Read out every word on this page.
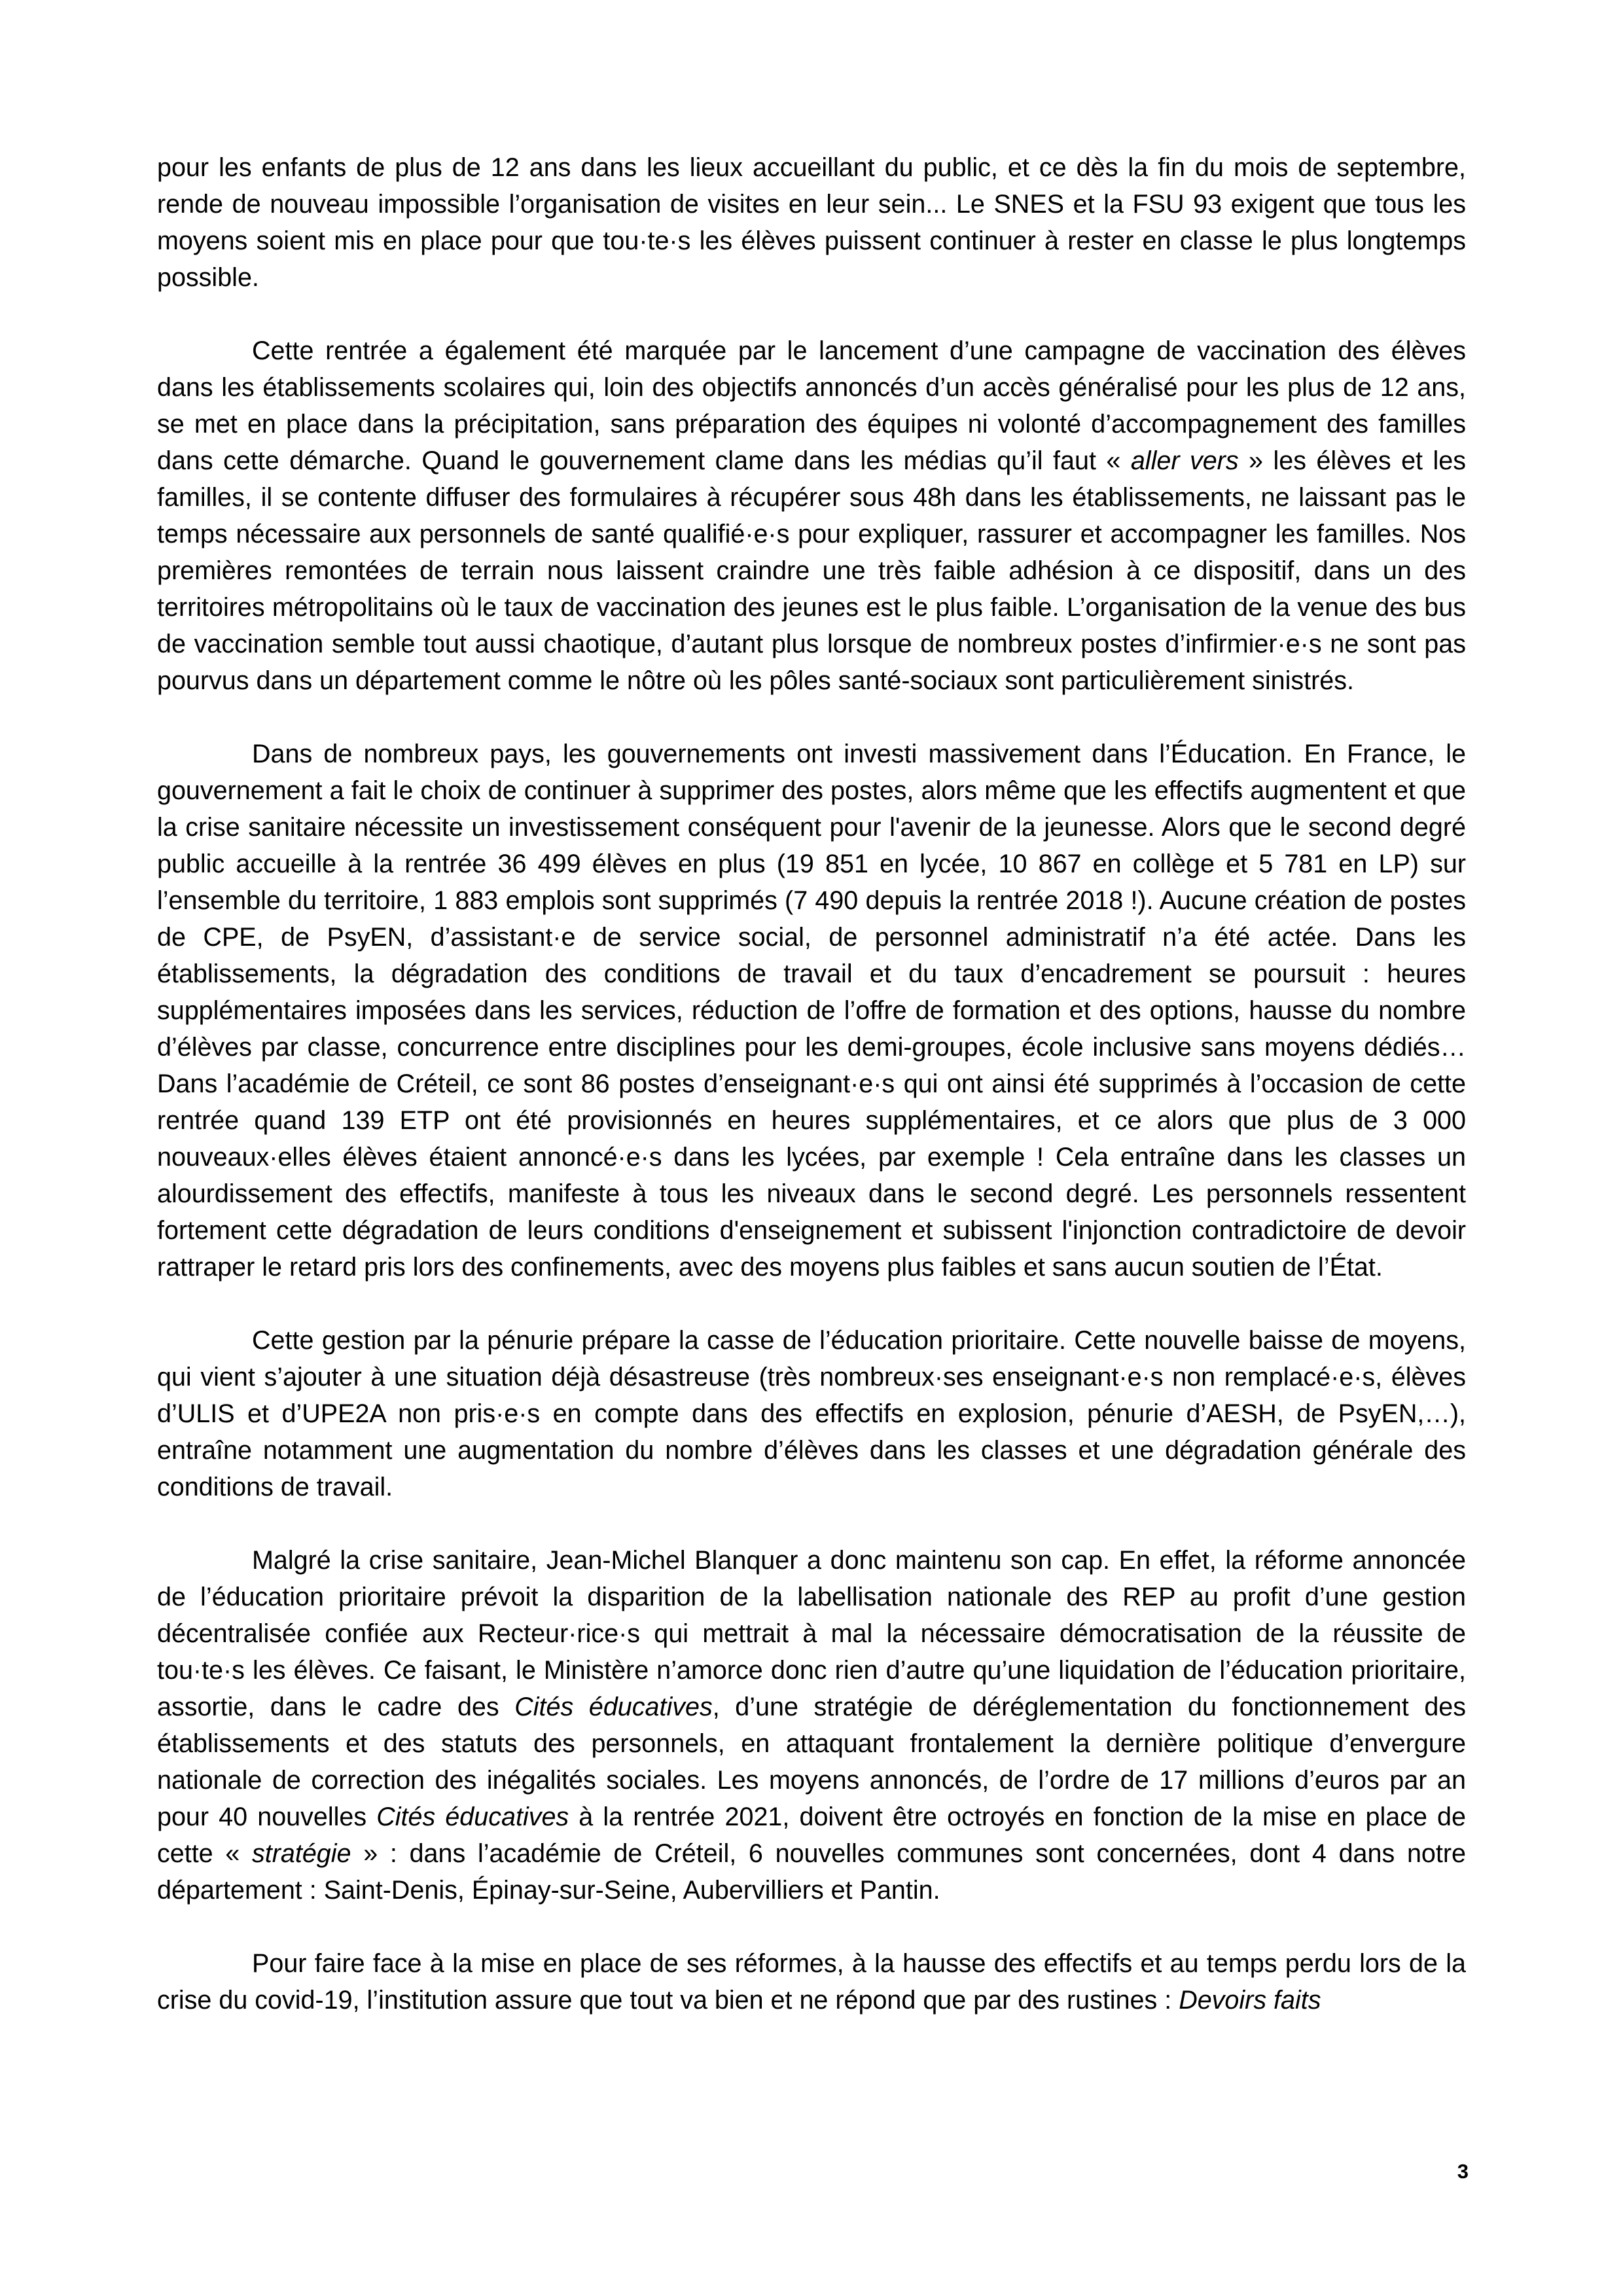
pour les enfants de plus de 12 ans dans les lieux accueillant du public, et ce dès la fin du mois de septembre, rende de nouveau impossible l’organisation de visites en leur sein... Le SNES et la FSU 93 exigent que tous les moyens soient mis en place pour que tou·te·s les élèves puissent continuer à rester en classe le plus longtemps possible.

Cette rentrée a également été marquée par le lancement d’une campagne de vaccination des élèves dans les établissements scolaires qui, loin des objectifs annoncés d’un accès généralisé pour les plus de 12 ans, se met en place dans la précipitation, sans préparation des équipes ni volonté d’accompagnement des familles dans cette démarche. Quand le gouvernement clame dans les médias qu’il faut « aller vers » les élèves et les familles, il se contente diffuser des formulaires à récupérer sous 48h dans les établissements, ne laissant pas le temps nécessaire aux personnels de santé qualifié·e·s pour expliquer, rassurer et accompagner les familles. Nos premières remontées de terrain nous laissent craindre une très faible adhésion à ce dispositif, dans un des territoires métropolitains où le taux de vaccination des jeunes est le plus faible. L’organisation de la venue des bus de vaccination semble tout aussi chaotique, d’autant plus lorsque de nombreux postes d’infirmier·e·s ne sont pas pourvus dans un département comme le nôtre où les pôles santé-sociaux sont particulièrement sinistrés.

Dans de nombreux pays, les gouvernements ont investi massivement dans l’Éducation. En France, le gouvernement a fait le choix de continuer à supprimer des postes, alors même que les effectifs augmentent et que la crise sanitaire nécessite un investissement conséquent pour l'avenir de la jeunesse. Alors que le second degré public accueille à la rentrée 36 499 élèves en plus (19 851 en lycée, 10 867 en collège et 5 781 en LP) sur l’ensemble du territoire, 1 883 emplois sont supprimés (7 490 depuis la rentrée 2018 !). Aucune création de postes de CPE, de PsyEN, d’assistant·e de service social, de personnel administratif n’a été actée. Dans les établissements, la dégradation des conditions de travail et du taux d’encadrement se poursuit : heures supplémentaires imposées dans les services, réduction de l’offre de formation et des options, hausse du nombre d’élèves par classe, concurrence entre disciplines pour les demi-groupes, école inclusive sans moyens dédiés… Dans l’académie de Créteil, ce sont 86 postes d’enseignant·e·s qui ont ainsi été supprimés à l’occasion de cette rentrée quand 139 ETP ont été provisionnés en heures supplémentaires, et ce alors que plus de 3 000 nouveaux·elles élèves étaient annoncé·e·s dans les lycées, par exemple ! Cela entraîne dans les classes un alourdissement des effectifs, manifeste à tous les niveaux dans le second degré. Les personnels ressentent fortement cette dégradation de leurs conditions d'enseignement et subissent l'injonction contradictoire de devoir rattraper le retard pris lors des confinements, avec des moyens plus faibles et sans aucun soutien de l’État.

Cette gestion par la pénurie prépare la casse de l’éducation prioritaire. Cette nouvelle baisse de moyens, qui vient s’ajouter à une situation déjà désastreuse (très nombreux·ses enseignant·e·s non remplacé·e·s, élèves d’ULIS et d’UPE2A non pris·e·s en compte dans des effectifs en explosion, pénurie d’AESH, de PsyEN,…), entraîne notamment une augmentation du nombre d’élèves dans les classes et une dégradation générale des conditions de travail.

Malgré la crise sanitaire, Jean-Michel Blanquer a donc maintenu son cap. En effet, la réforme annoncée de l’éducation prioritaire prévoit la disparition de la labellisation nationale des REP au profit d’une gestion décentralisée confiée aux Recteur·rice·s qui mettrait à mal la nécessaire démocratisation de la réussite de tou·te·s les élèves. Ce faisant, le Ministère n’amorce donc rien d’autre qu’une liquidation de l’éducation prioritaire, assortie, dans le cadre des Cités éducatives, d’une stratégie de déréglementation du fonctionnement des établissements et des statuts des personnels, en attaquant frontalement la dernière politique d’envergure nationale de correction des inégalités sociales. Les moyens annoncés, de l’ordre de 17 millions d’euros par an pour 40 nouvelles Cités éducatives à la rentrée 2021, doivent être octroyés en fonction de la mise en place de cette « stratégie » : dans l’académie de Créteil, 6 nouvelles communes sont concernées, dont 4 dans notre département : Saint-Denis, Épinay-sur-Seine, Aubervilliers et Pantin.

Pour faire face à la mise en place de ses réformes, à la hausse des effectifs et au temps perdu lors de la crise du covid-19, l’institution assure que tout va bien et ne répond que par des rustines : Devoirs faits

3
